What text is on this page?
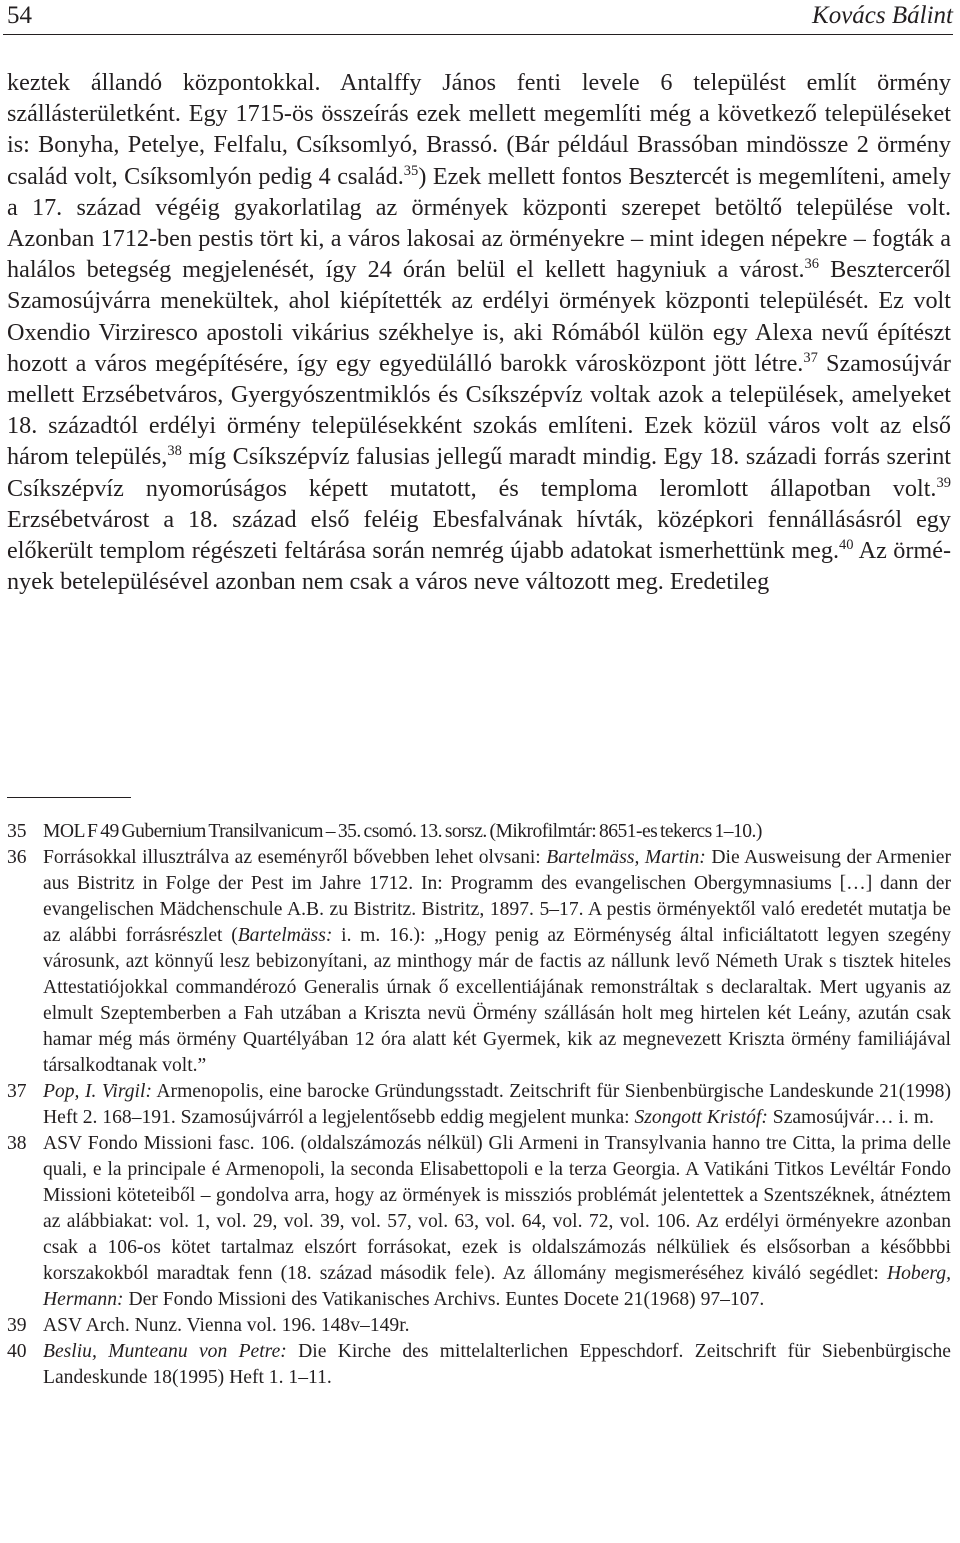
54	Kovács Bálint

keztek állandó központokkal. Antalffy János fenti levele 6 települést említ örmény szállásterületként. Egy 1715-ös összeírás ezek mellett megemlíti még a következő településeket is: Bonyha, Petelye, Felfalu, Csíksomlyó, Brassó. (Bár például Brassóban mindössze 2 örmény család volt, Csíksomlyón pedig 4 család.$^{35}$) Ezek mellett fontos Besztercét is megemlíteni, amely a 17. század végéig gyakorlatilag az örmények központi szerepet betöltő települése volt. Azonban 1712-ben pestis tört ki, a város lakosai az örményekre – mint idegen népekre – fogták a halálos betegség megjelenését, így 24 órán belül el kellett hagyniuk a várost.$^{36}$ Beszterceről Szamosújvárra menekültek, ahol kiépítették az erdélyi örmények központi települését. Ez volt Oxendio Virziresco apostoli vikárius székhelye is, aki Rómából külön egy Alexa nevű építészt hozott a város megépítésére, így egy egyedülálló barokk városközpont jött létre.$^{37}$ Szamosújvár mellett Erzsébetváros, Gyergyószentmiklós és Csíkszépvíz voltak azok a települések, amelyeket 18. századtól erdélyi örmény településekként szokás említeni. Ezek közül város volt az első három település,$^{38}$ míg Csíkszépvíz falusias jellegű maradt mindig. Egy 18. századi forrás szerint Csíkszépvíz nyomorúságos képett mutatott, és temploma leromlott állapotban volt.$^{39}$ Erzsébetvárost a 18. század első feléig Ebesfalvának hívták, középkori fennállásásról egy előkerült templom régészeti feltárása során nemrég újabb adatokat ismerhettünk meg.$^{40}$ Az örmények betelepülésével azonban nem csak a város neve változott meg. Eredetileg

35 MOL F 49 Gubernium Transilvanicum – 35. csomó. 13. sorsz. (Mikrofilmtár: 8651-es tekercs 1–10.)
36 Forrásokkal illusztrálva az eseményről bővebben lehet olvsani: Bartelmäss, Martin: Die Ausweisung der Armenier aus Bistritz in Folge der Pest im Jahre 1712. In: Programm des evangelischen Obergymnasiums […] dann der evangelischen Mädchenschule A.B. zu Bistritz. Bistritz, 1897. 5–17. A pestis örményektől való eredetét mutatja be az alábbi forrásrészlet (Bartelmäss: i. m. 16.): „Hogy penig az Eörménység által inficiáltatott legyen szegény városunk, azt könnyű lesz bebizonyítani, az minthogy már de factis az nállunk levő Németh Urak s tisztek hiteles Attestatiójokkal commandérozó Generalis úrnak ő excellentiájának remonstráltak s declaraltak. Mert ugyanis az elmult Szeptemberben a Fah utzában a Kriszta nevü Örmény szállásán holt meg hirtelen két Leány, azután csak hamar még más örmény Quartélyában 12 óra alatt két Gyermek, kik az megnevezett Kriszta örmény familiájával társalkodtanak volt.”
37 Pop, I. Virgil: Armenopolis, eine barocke Gründungsstadt. Zeitschrift für Sienbenbürgische Landeskunde 21(1998) Heft 2. 168–191. Szamosújvárról a legjelentősebb eddig megjelent munka: Szongott Kristóf: Szamosújvár… i. m.
38 ASV Fondo Missioni fasc. 106. (oldalszámozás nélkül) Gli Armeni in Transylvania hanno tre Citta, la prima delle quali, e la principale é Armenopoli, la seconda Elisabettopoli e la terza Georgia. A Vatikáni Titkos Levéltár Fondo Missioni köteteiből – gondolva arra, hogy az örmények is missziós problémát jelentettek a Szentszéknek, átnéztem az alábbiakat: vol. 1, vol. 29, vol. 39, vol. 57, vol. 63, vol. 64, vol. 72, vol. 106. Az erdélyi örményekre azonban csak a 106-os kötet tartalmaz elszórt forrásokat, ezek is oldalszámozás nélküliek és elsősorban a későbbbi korszakokból maradtak fenn (18. század második fele). Az állomány megismeréséhez kiváló segédlet: Hoberg, Hermann: Der Fondo Missioni des Vatikanisches Archivs. Euntes Docete 21(1968) 97–107.
39 ASV Arch. Nunz. Vienna vol. 196. 148v–149r.
40 Besliu, Munteanu von Petre: Die Kirche des mittelalterlichen Eppeschdorf. Zeitschrift für Siebenbürgische Landeskunde 18(1995) Heft 1. 1–11.
